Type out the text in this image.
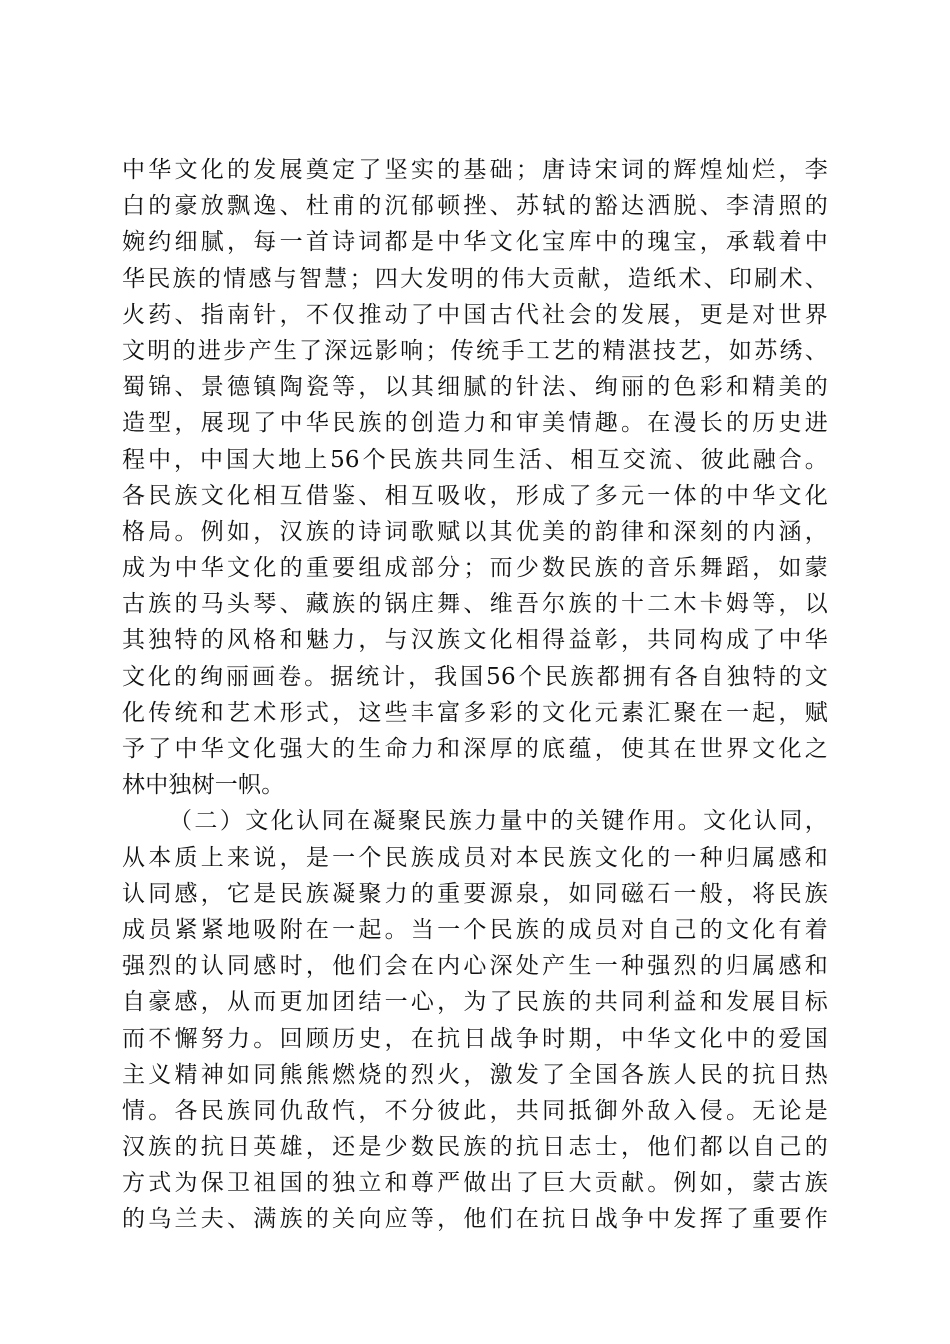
中华文化的发展奠定了坚实的基础；唐诗宋词的辉煌灿烂，李
白的豪放飘逸、杜甫的沉郁顿挫、苏轼的豁达洒脱、李清照的
婉约细腻，每一首诗词都是中华文化宝库中的瑰宝，承载着中
华民族的情感与智慧；四大发明的伟大贡献，造纸术、印刷术、
火药、指南针，不仅推动了中国古代社会的发展，更是对世界
文明的进步产生了深远影响；传统手工艺的精湛技艺，如苏绣、
蜀锦、景德镇陶瓷等，以其细腻的针法、绚丽的色彩和精美的
造型，展现了中华民族的创造力和审美情趣。在漫长的历史进
程中，中国大地上56个民族共同生活、相互交流、彼此融合。
各民族文化相互借鉴、相互吸收，形成了多元一体的中华文化
格局。例如，汉族的诗词歌赋以其优美的韵律和深刻的内涵，
成为中华文化的重要组成部分；而少数民族的音乐舞蹈，如蒙
古族的马头琴、藏族的锅庄舞、维吾尔族的十二木卡姆等，以
其独特的风格和魅力，与汉族文化相得益彰，共同构成了中华
文化的绚丽画卷。据统计，我国56个民族都拥有各自独特的文
化传统和艺术形式，这些丰富多彩的文化元素汇聚在一起，赋
予了中华文化强大的生命力和深厚的底蕴，使其在世界文化之
林中独树一帜。
（二）文化认同在凝聚民族力量中的关键作用。文化认同，
从本质上来说，是一个民族成员对本民族文化的一种归属感和
认同感，它是民族凝聚力的重要源泉，如同磁石一般，将民族
成员紧紧地吸附在一起。当一个民族的成员对自己的文化有着
强烈的认同感时，他们会在内心深处产生一种强烈的归属感和
自豪感，从而更加团结一心，为了民族的共同利益和发展目标
而不懈努力。回顾历史，在抗日战争时期，中华文化中的爱国
主义精神如同熊熊燃烧的烈火，激发了全国各族人民的抗日热
情。各民族同仇敌忾，不分彼此，共同抵御外敌入侵。无论是
汉族的抗日英雄，还是少数民族的抗日志士，他们都以自己的
方式为保卫祖国的独立和尊严做出了巨大贡献。例如，蒙古族
的乌兰夫、满族的关向应等，他们在抗日战争中发挥了重要作
